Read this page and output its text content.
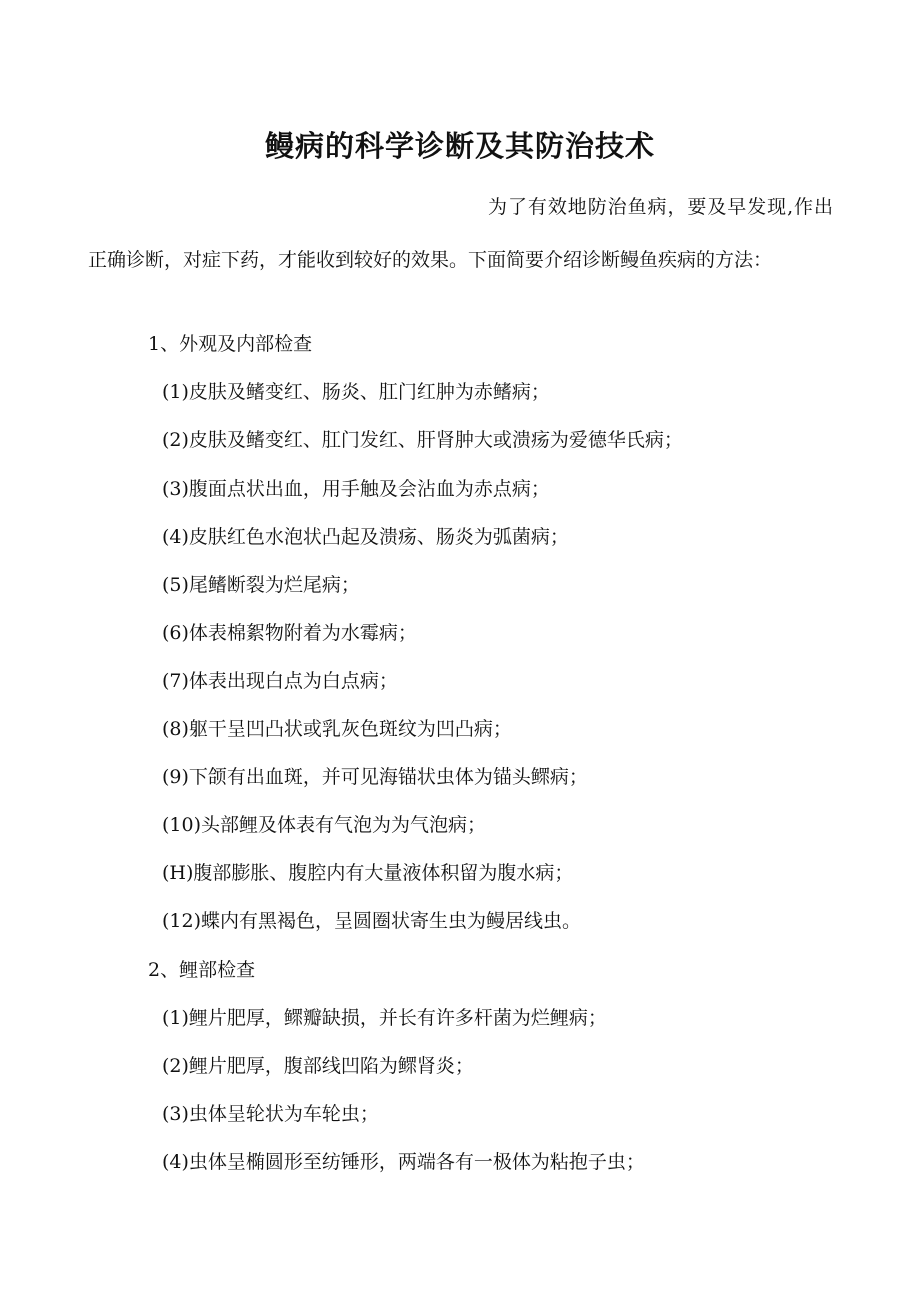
鳗病的科学诊断及其防治技术
为了有效地防治鱼病，要及早发现,作出正确诊断，对症下药，才能收到较好的效果。下面简要介绍诊断鳗鱼疾病的方法：
1、外观及内部检查
(1)皮肤及鳍变红、肠炎、肛门红肿为赤鳍病；
(2)皮肤及鳍变红、肛门发红、肝肾肿大或溃疡为爱德华氏病；
(3)腹面点状出血，用手触及会沾血为赤点病；
(4)皮肤红色水泡状凸起及溃疡、肠炎为弧菌病；
(5)尾鳍断裂为烂尾病；
(6)体表棉絮物附着为水霉病；
(7)体表出现白点为白点病；
(8)躯干呈凹凸状或乳灰色斑纹为凹凸病；
(9)下颌有出血斑，并可见海锚状虫体为锚头鳏病；
(10)头部鲤及体表有气泡为为气泡病；
(H)腹部膨胀、腹腔内有大量液体积留为腹水病；
(12)蝶内有黑褐色，呈圆圈状寄生虫为鳗居线虫。
2、鲤部检查
(1)鲤片肥厚，鳏瓣缺损，并长有许多杆菌为烂鲤病；
(2)鲤片肥厚，腹部线凹陷为鳏肾炎；
(3)虫体呈轮状为车轮虫；
(4)虫体呈椭圆形至纺锤形，两端各有一极体为粘抱子虫；
